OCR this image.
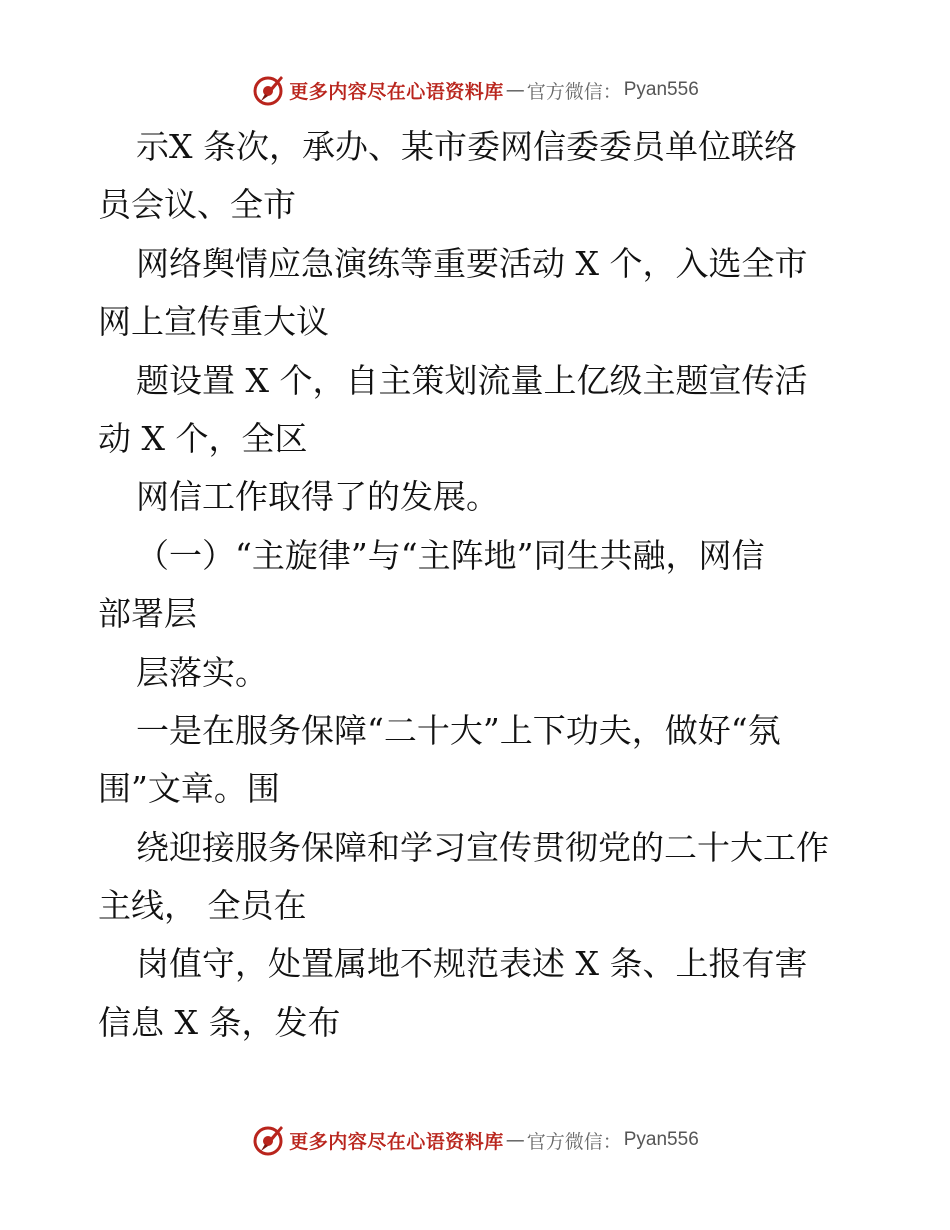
更多内容尽在心语资料库 — 官方微信： Pyan556
示X 条次，承办、某市委网信委委员单位联络
员会议、全市
网络舆情应急演练等重要活动 X 个，入选全市
网上宣传重大议
题设置 X 个，自主策划流量上亿级主题宣传活
动 X 个，全区
网信工作取得了的发展。
（一）“主旋律”与“主阵地”同生共融，网信
部署层
层落实。
一是在服务保障“二十大”上下功夫，做好“氛
围”文章。围
绕迎接服务保障和学习宣传贯彻党的二十大工作
主线， 全员在
岗值守，处置属地不规范表述 X 条、上报有害
信息 X 条，发布
更多内容尽在心语资料库 — 官方微信： Pyan556
